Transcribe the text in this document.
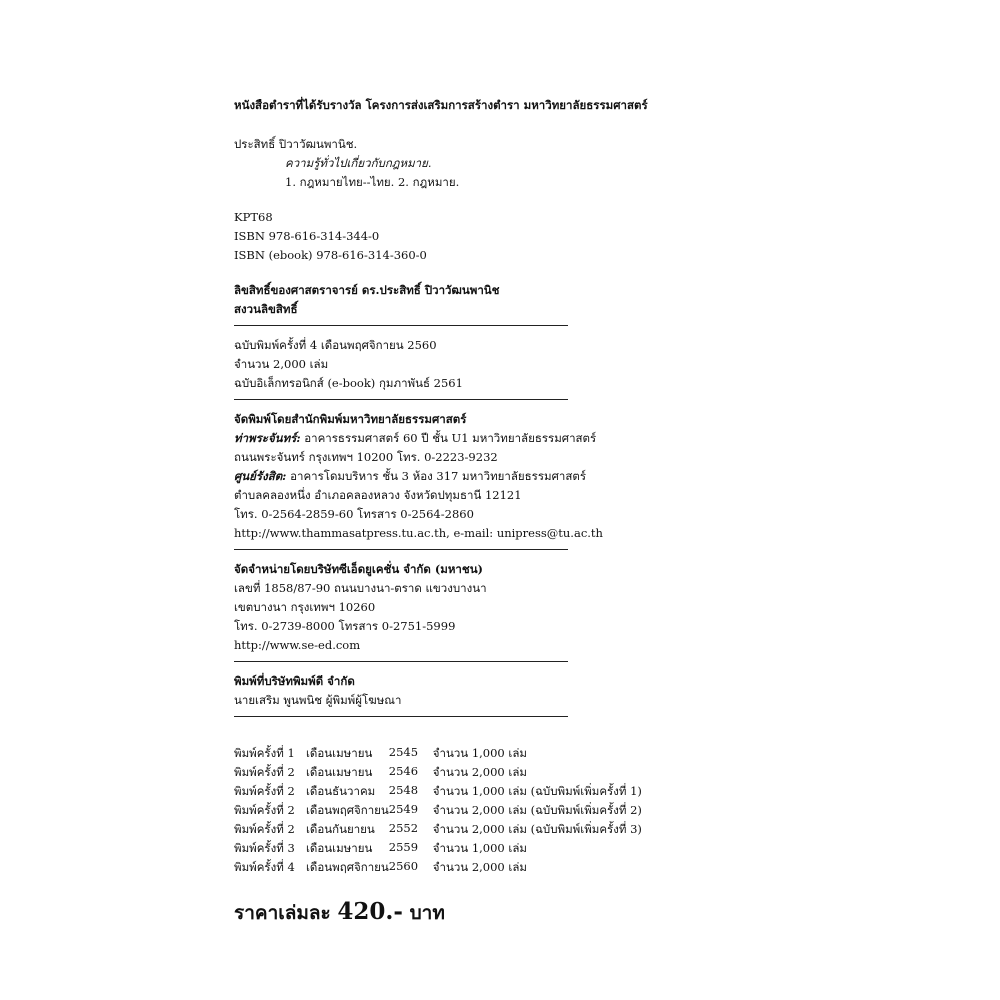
หนังสือตำราที่ได้รับรางวัล โครงการส่งเสริมการสร้างตำรา มหาวิทยาลัยธรรมศาสตร์
ประสิทธิ์ ปิวาวัฒนพานิช.
ความรู้ทั่วไปเกี่ยวกับกฎหมาย.
1. กฎหมายไทย--ไทย. 2. กฎหมาย.
KPT68
ISBN 978-616-314-344-0
ISBN (ebook) 978-616-314-360-0
ลิขสิทธิ์ของศาสตราจารย์ ดร.ประสิทธิ์ ปิวาวัฒนพานิช
สงวนลิขสิทธิ์
ฉบับพิมพ์ครั้งที่ 4 เดือนพฤศจิกายน 2560
จำนวน 2,000 เล่ม
ฉบับอิเล็กทรอนิกส์ (e-book) กุมภาพันธ์ 2561
จัดพิมพ์โดยสำนักพิมพ์มหาวิทยาลัยธรรมศาสตร์
ท่าพระจันทร์: อาคารธรรมศาสตร์ 60 ปี ชั้น U1 มหาวิทยาลัยธรรมศาสตร์
ถนนพระจันทร์ กรุงเทพฯ 10200 โทร. 0-2223-9232
ศูนย์รังสิต: อาคารโดมบริหาร ชั้น 3 ห้อง 317 มหาวิทยาลัยธรรมศาสตร์
ตำบลคลองหนึ่ง อำเภอคลองหลวง จังหวัดปทุมธานี 12121
โทร. 0-2564-2859-60 โทรสาร 0-2564-2860
http://www.thammasatpress.tu.ac.th, e-mail: unipress@tu.ac.th
จัดจำหน่ายโดยบริษัทซีเอ็ดยูเคชั่น จำกัด (มหาชน)
เลขที่ 1858/87-90 ถนนบางนา-ตราด แขวงบางนา
เขตบางนา กรุงเทพฯ 10260
โทร. 0-2739-8000 โทรสาร 0-2751-5999
http://www.se-ed.com
พิมพ์ที่บริษัทพิมพ์ดี จำกัด
นายเสริม พูนพนิช ผู้พิมพ์ผู้โฆษณา
พิมพ์ครั้งที่ 1	เดือนเมษายน	2545	จำนวน 1,000 เล่ม
พิมพ์ครั้งที่ 2	เดือนเมษายน	2546	จำนวน 2,000 เล่ม
พิมพ์ครั้งที่ 2	เดือนธันวาคม	2548	จำนวน 1,000 เล่ม (ฉบับพิมพ์เพิ่มครั้งที่ 1)
พิมพ์ครั้งที่ 2	เดือนพฤศจิกายน	2549	จำนวน 2,000 เล่ม (ฉบับพิมพ์เพิ่มครั้งที่ 2)
พิมพ์ครั้งที่ 2	เดือนกันยายน	2552	จำนวน 2,000 เล่ม (ฉบับพิมพ์เพิ่มครั้งที่ 3)
พิมพ์ครั้งที่ 3	เดือนเมษายน	2559	จำนวน 1,000 เล่ม
พิมพ์ครั้งที่ 4	เดือนพฤศจิกายน	2560	จำนวน 2,000 เล่ม
ราคาเล่มละ 420.- บาท
